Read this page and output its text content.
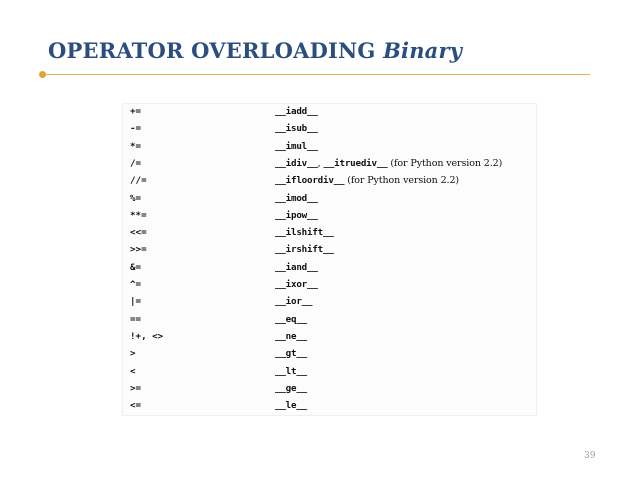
OPERATOR OVERLOADING Binary
+=	__iadd__
-=	__isub__
*=	__imul__
/=	__idiv__, __itruediv__ (for Python version 2.2)
//=	__ifloordiv__ (for Python version 2.2)
%=	__imod__
**=	__ipow__
<<=	__ilshift__
>>=	__irshift__
&=	__iand__
^=	__ixor__
|=	__ior__
==	__eq__
!+, <>	__ne__
>	__gt__
<	__lt__
>=	__ge__
<=	__le__
39
